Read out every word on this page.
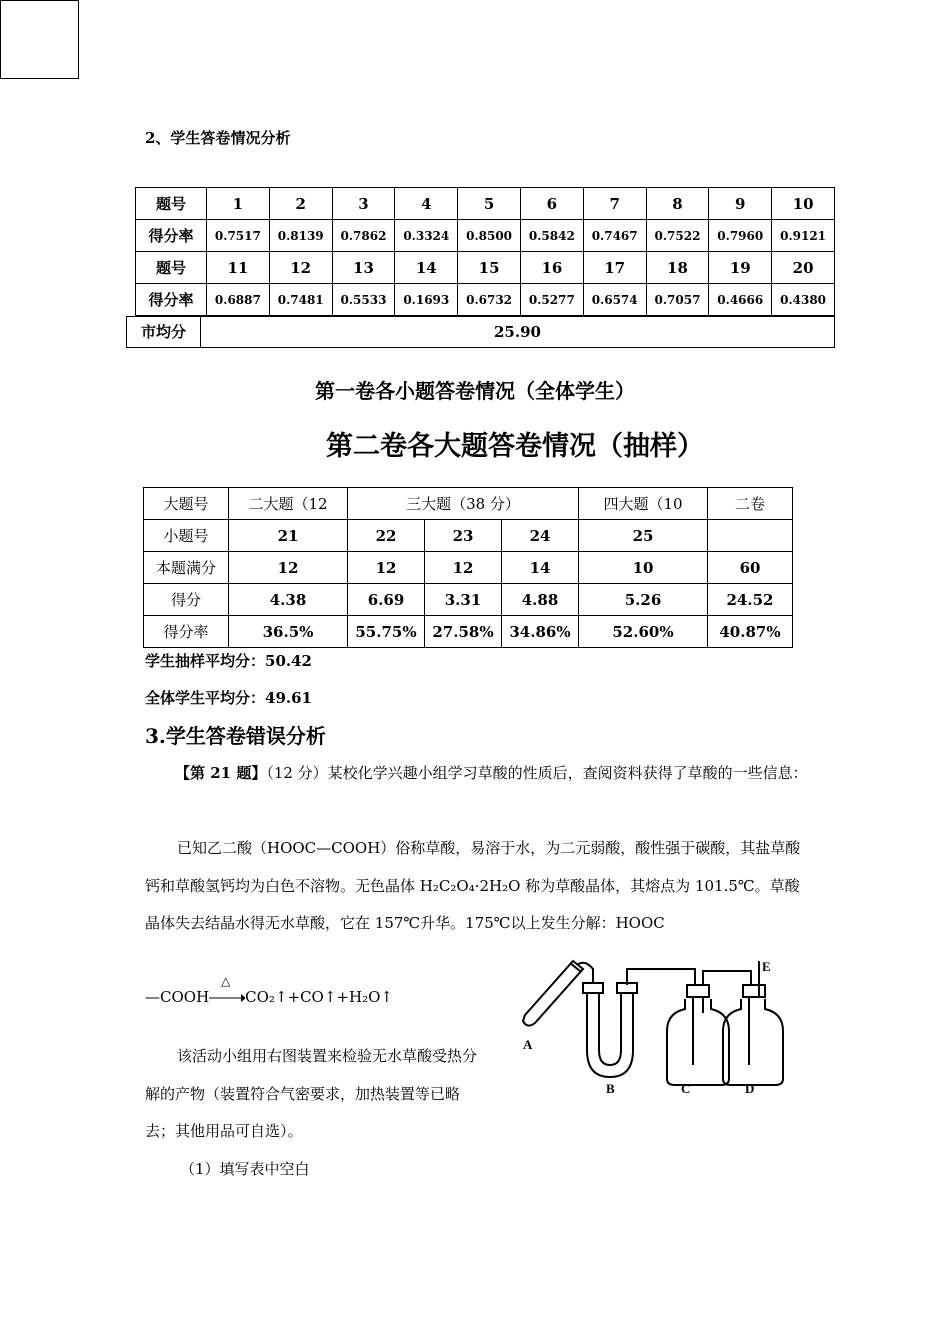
2、学生答卷情况分析
题号	1	2	3	4	5	6	7	8	9	10
得分率	0.7517	0.8139	0.7862	0.3324	0.8500	0.5842	0.7467	0.7522	0.7960	0.9121
题号	11	12	13	14	15	16	17	18	19	20
得分率	0.6887	0.7481	0.5533	0.1693	0.6732	0.5277	0.6574	0.7057	0.4666	0.4380
市均分	25.90
第一卷各小题答卷情况（全体学生）
第二卷各大题答卷情况（抽样）
大题号	二大题（12	三大题（38 分）			四大题（10	二卷
小题号	21	22	23	24	25	
本题满分	12	12	12	14	10	60
得分	4.38	6.69	3.31	4.88	5.26	24.52
得分率	36.5%	55.75%	27.58%	34.86%	52.60%	40.87%
学生抽样平均分：50.42
全体学生平均分：49.61
3.学生答卷错误分析
【第 21 题】（12 分）某校化学兴趣小组学习草酸的性质后，查阅资料获得了草酸的一些信息：
已知乙二酸（HOOC—COOH）俗称草酸，易溶于水，为二元弱酸，酸性强于碳酸，其盐草酸钙和草酸氢钙均为白色不溶物。无色晶体 H₂C₂O₄·2H₂O 称为草酸晶体，其熔点为 101.5℃。草酸晶体失去结晶水得无水草酸，它在 157℃升华。175℃以上发生分解：HOOC
—COOH
△
CO₂↑+CO↑+H₂O↑
该活动小组用右图装置来检验无水草酸受热分解的产物（装置符合气密要求，加热装置等已略去；其他用品可自选）。
（1）填写表中空白
A
B	C	D
E
